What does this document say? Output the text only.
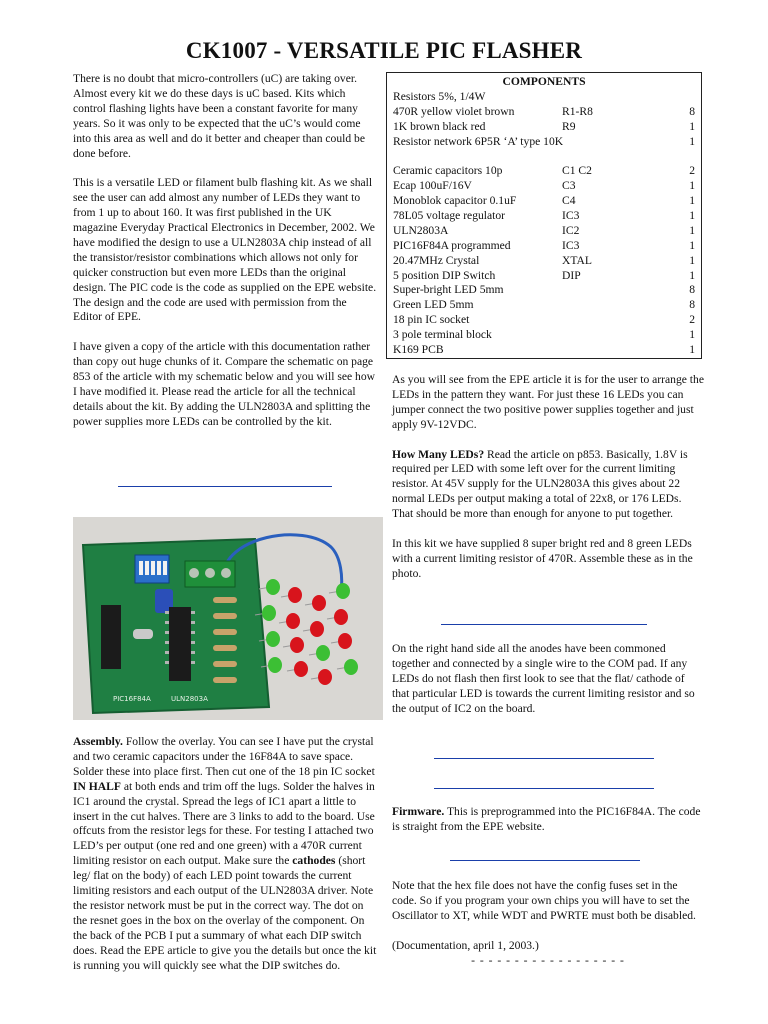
CK1007 - VERSATILE PIC FLASHER

There is no doubt that micro-controllers (uC) are taking over. Almost every kit we do these days is uC based. Kits which control flashing lights have been a constant favorite for many years. So it was only to be expected that the uC’s would come into this area as well and do it better and cheaper than could be done before.

This is a versatile LED or filament bulb flashing kit. As we shall see the user can add almost any number of LEDs they want to from 1 up to about 160. It was first published in the UK magazine Everyday Practical Electronics in December, 2002. We have modified the design to use a ULN2803A chip instead of all the transistor/resistor combinations which allows not only for quicker construction but even more LEDs than the original design. The PIC code is the code as supplied on the EPE website. The design and the code are used with permission from the Editor of EPE.

I have given a copy of the article with this documentation rather than copy out huge chunks of it. Compare the schematic on page 853 of the article with my schematic below and you will see how I have modified it. Please read the article for all the technical details about the kit. By adding the ULN2803A and splitting the power supplies more LEDs can be controlled by the kit.

PIC16F84A	ULN2803A

Assembly. Follow the overlay. You can see I have put the crystal and two ceramic capacitors under the 16F84A to save space. Solder these into place first. Then cut one of the 18 pin IC socket IN HALF at both ends and trim off the lugs. Solder the halves in IC1 around the crystal. Spread the legs of IC1 apart a little to insert in the cut halves. There are 3 links to add to the board. Use offcuts from the resistor legs for these. For testing I attached two LED’s per output (one red and one green) with a 470R current limiting resistor on each output. Make sure the cathodes (short leg/ flat on the body) of each LED point towards the current limiting resistors and each output of the ULN2803A driver. Note the resistor network must be put in the correct way. The dot on the resnet goes in the box on the overlay of the component. On the back of the PCB I put a summary of what each DIP switch does. Read the EPE article to give you the details but once the kit is running you will quickly see what the DIP switches do.

COMPONENTS
Resistors 5%, 1/4W
470R yellow violet brown	R1-R8	8
1K brown black red	R9	1
Resistor network 6P5R ‘A’ type 10K	1
Ceramic capacitors 10p	C1 C2	2
Ecap 100uF/16V	C3	1
Monoblok capacitor 0.1uF	C4	1
78L05 voltage regulator	IC3	1
ULN2803A	IC2	1
PIC16F84A programmed	IC3	1
20.47MHz Crystal	XTAL	1
5 position DIP Switch	DIP	1
Super-bright LED 5mm	8
Green LED 5mm	8
18 pin IC socket	2
3 pole terminal block	1
K169 PCB	1

As you will see from the EPE article it is for the user to arrange the LEDs in the pattern they want. For just these 16 LEDs you can jumper connect the two positive power supplies together and just apply 9V-12VDC.

How Many LEDs? Read the article on p853. Basically, 1.8V is required per LED with some left over for the current limiting resistor. At 45V supply for the ULN2803A this gives about 22 normal LEDs per output making a total of 22x8, or 176 LEDs. That should be more than enough for anyone to put together.

In this kit we have supplied 8 super bright red and 8 green LEDs with a current limiting resistor of 470R. Assemble these as in the photo.

On the right hand side all the anodes have been commoned together and connected by a single wire to the COM pad. If any LEDs do not flash then first look to see that the flat/ cathode of that particular LED is towards the current limiting resistor and so the output of IC2 on the board.

Firmware. This is preprogrammed into the PIC16F84A. The code is straight from the EPE website.

Note that the hex file does not have the config fuses set in the code. So if you program your own chips you will have to set the Oscillator to XT, while WDT and PWRTE must both be disabled.

(Documentation, april 1, 2003.)

- - - - - - - - - - - - - - - - - -
